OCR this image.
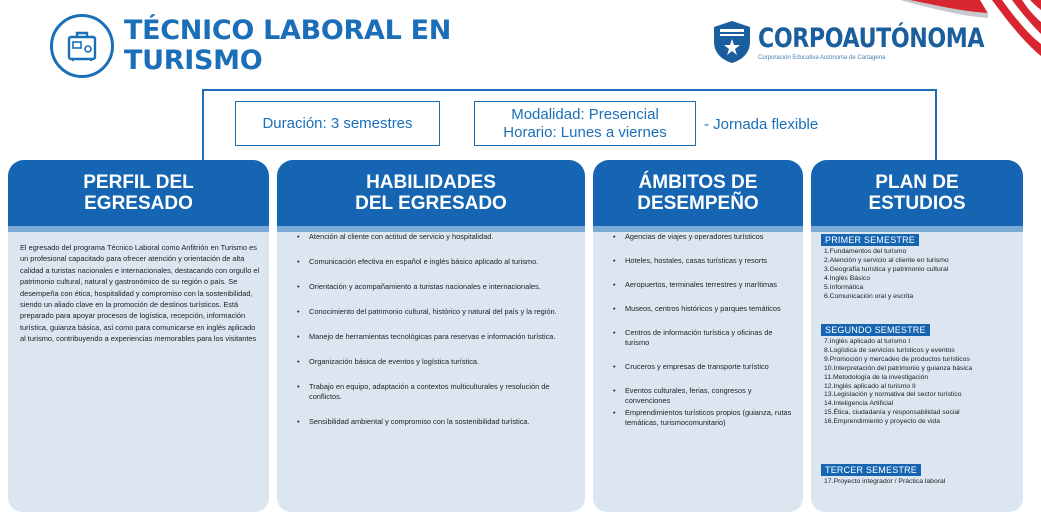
TÉCNICO LABORAL EN
TURISMO
CORPOAUTÓNOMA
Corporación Educativa Autónoma de Cartagena
Duración: 3 semestres
Modalidad: Presencial
Horario: Lunes a viernes - Jornada flexible
PERFIL DEL
EGRESADO
El egresado del programa Técnico Laboral como Anfitrión en Turismo es un profesional capacitado para ofrecer atención y orientación de alta calidad a turistas nacionales e internacionales, destacando con orgullo el patrimonio cultural, natural y gastronómico de su región o país. Se desempeña con ética, hospitalidad y compromiso con la sostenibilidad, siendo un aliado clave en la promoción de destinos turísticos. Está preparado para apoyar procesos de logística, recepción, información turística, guianza básica, así como para comunicarse en inglés aplicado al turismo, contribuyendo a experiencias memorables para los visitantes
HABILIDADES
DEL EGRESADO
• Atención al cliente con actitud de servicio y hospitalidad.
• Comunicación efectiva en español e inglés básico aplicado al turismo.
• Orientación y acompañamiento a turistas nacionales e internacionales.
• Conocimiento del patrimonio cultural, histórico y natural del país y la región.
• Manejo de herramientas tecnológicas para reservas e información turística.
• Organización básica de eventos y logística turística.
• Trabajo en equipo, adaptación a contextos multiculturales y resolución de conflictos.
• Sensibilidad ambiental y compromiso con la sostenibilidad turística.
ÁMBITOS DE
DESEMPEÑO
• Agencias de viajes y operadores turísticos
• Hoteles, hostales, casas turísticas y resorts
• Aeropuertos, terminales terrestres y marítimas
• Museos, centros históricos y parques temáticos
• Centros de información turística y oficinas de turismo
• Cruceros y empresas de transporte turístico
• Eventos culturales, ferias, congresos y convenciones
• Emprendimientos turísticos propios (guianza, rutas temáticas, turismocomunitario)
PLAN DE
ESTUDIOS
PRIMER SEMESTRE
1.Fundamentos del turismo
2.Atención y servicio al cliente en turismo
3.Geografía turística y patrimonio cultural
4.Inglés Básico
5.Informática
6.Comunicación oral y escrita
SEGUNDO SEMESTRE
7.Inglés aplicado al turismo I
8.Logística de servicios turísticos y eventos
9.Promoción y mercadeo de productos turísticos
10.Interpretación del patrimonio y guianza básica
11.Metodología de la investigación
12.Inglés aplicado al turismo II
13.Legislación y normativa del sector turístico
14.Inteligencia Artificial
15.Ética, ciudadanía y responsabilidad social
16.Emprendimiento y proyecto de vida
TERCER SEMESTRE
17.Proyecto integrador / Práctica laboral
